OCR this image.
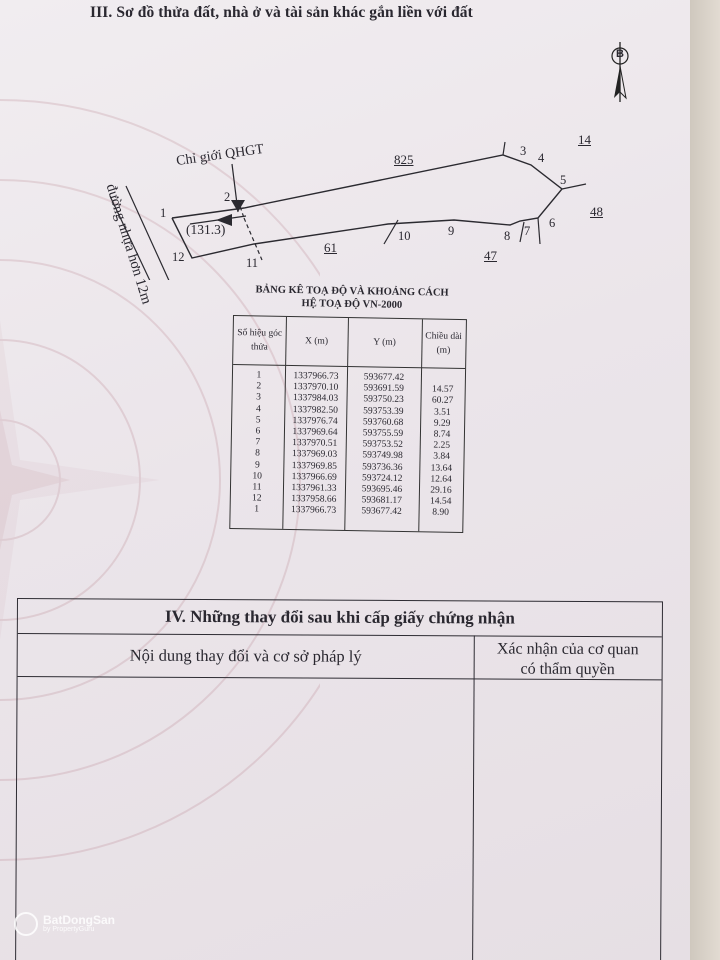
III. Sơ đồ thửa đất, nhà ở và tài sản khác gắn liền với đất
B
Chỉ giới QHGT
đường nhựa hơn 12m (131.3)
1
2
3 4
5
6
7
8
9
10
11
12
825
14
48
47
61
BẢNG KÊ TOẠ ĐỘ VÀ KHOẢNG CÁCH
HỆ TOẠ ĐỘ VN-2000
Số hiệu góc thửa
X (m)	Y (m)
Chiều dài (m)
1
2
3
4
5
6
7
8
9
10
11
12
1
1337966.73
1337970.10
1337984.03
1337982.50
1337976.74
1337969.64
1337970.51
1337969.03
1337969.85
1337966.69
1337961.33
1337958.66
1337966.73
593677.42
593691.59
593750.23
593753.39
593760.68
593755.59
593753.52
593749.98
593736.36
593724.12
593695.46
593681.17
593677.42
14.57
60.27
3.51
9.29
8.74
2.25
3.84
13.64
12.64
29.16
14.54
8.90
IV. Những thay đổi sau khi cấp giấy chứng nhận
Nội dung thay đổi và cơ sở pháp lý	Xác nhận của cơ quan
có thẩm quyền
BatDongSan
by PropertyGuru
